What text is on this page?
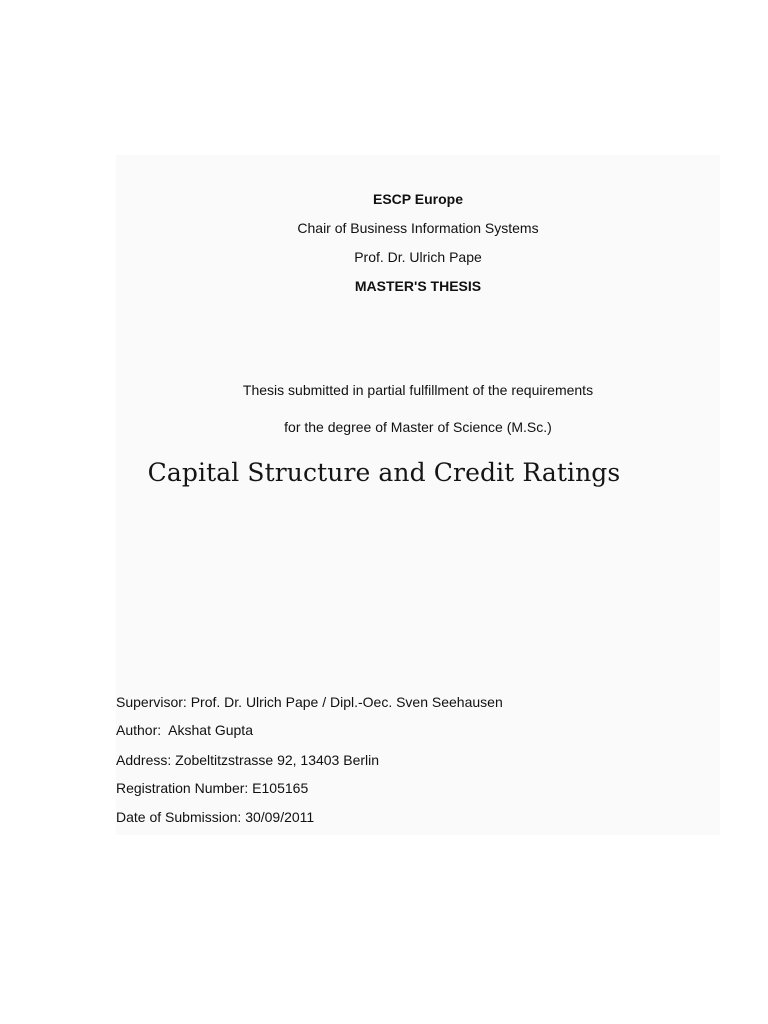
ESCP Europe
Chair of Business Information Systems
Prof. Dr. Ulrich Pape
MASTER'S THESIS
Thesis submitted in partial fulfillment of the requirements
for the degree of Master of Science (M.Sc.)
Capital Structure and Credit Ratings
Supervisor: Prof. Dr. Ulrich Pape / Dipl.-Oec. Sven Seehausen
Author: Akshat Gupta
Address: Zobeltitzstrasse 92, 13403 Berlin
Registration Number: E105165
Date of Submission: 30/09/2011
